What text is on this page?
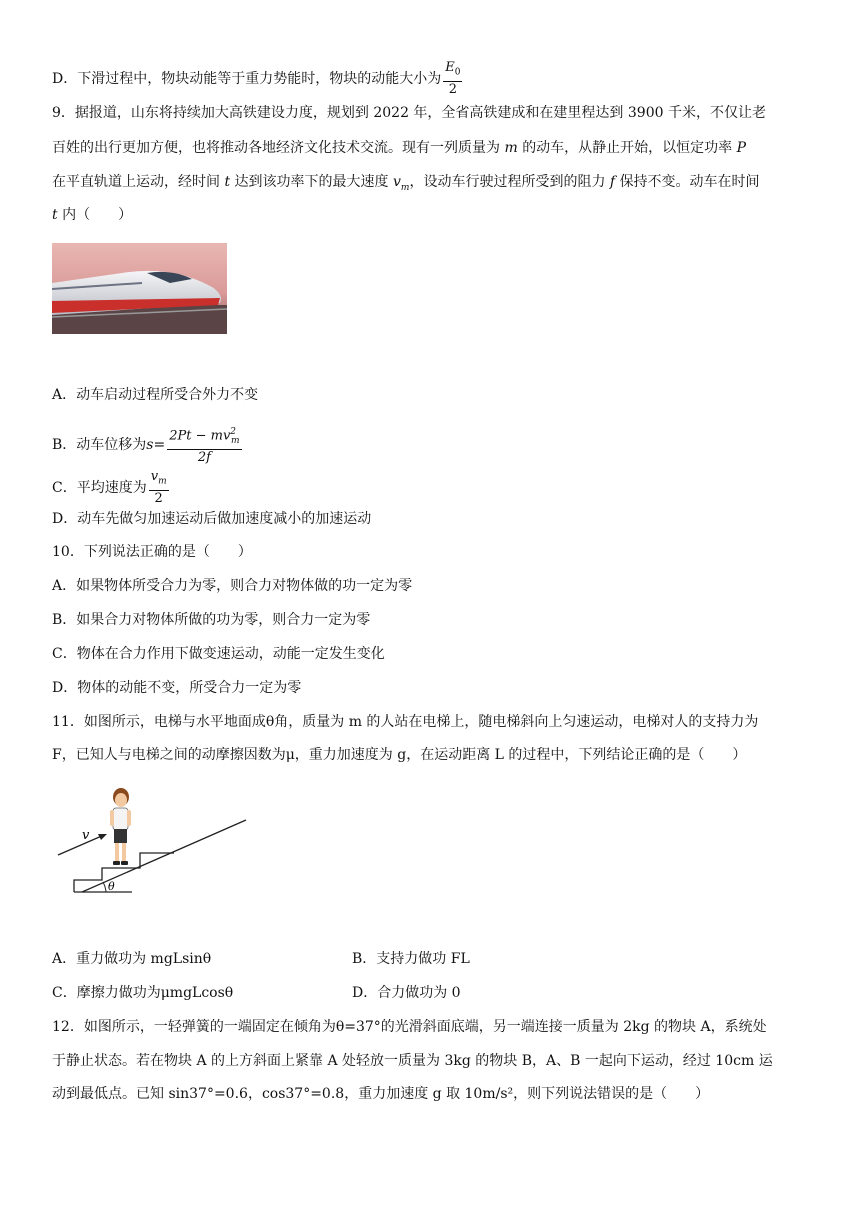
D．下滑过程中，物块动能等于重力势能时，物块的动能大小为 $\frac{E_0}{2}$
9．据报道，山东将持续加大高铁建设力度，规划到 2022 年，全省高铁建成和在建里程达到 3900 千米，不仅让老
百姓的出行更加方便，也将推动各地经济文化技术交流。现有一列质量为 m 的动车，从静止开始，以恒定功率 P
在平直轨道上运动，经时间 t 达到该功率下的最大速度 $v_m$，设动车行驶过程所受到的阻力 f 保持不变。动车在时间
t 内（　　）
A．动车启动过程所受合外力不变
B．动车位移为$s= \frac{2Pt - mv^2_m}{2f}$
C．平均速度为 $\frac{v_m}{2}$
D．动车先做匀加速运动后做加速度减小的加速运动
10．下列说法正确的是（　　）
A．如果物体所受合力为零，则合力对物体做的功一定为零
B．如果合力对物体所做的功为零，则合力一定为零
C．物体在合力作用下做变速运动，动能一定发生变化
D．物体的动能不变，所受合力一定为零
11．如图所示，电梯与水平地面成θ角，质量为 m 的人站在电梯上，随电梯斜向上匀速运动，电梯对人的支持力为
F，已知人与电梯之间的动摩擦因数为μ，重力加速度为 g，在运动距离 L 的过程中，下列结论正确的是（　　）
θ
v
A．重力做功为 mgLsinθ	B．支持力做功 FL
C．摩擦力做功为μmgLcosθ	D．合力做功为 0
12．如图所示，一轻弹簧的一端固定在倾角为θ=37°的光滑斜面底端，另一端连接一质量为 2kg 的物块 A，系统处
于静止状态。若在物块 A 的上方斜面上紧靠 A 处轻放一质量为 3kg 的物块 B，A、B 一起向下运动，经过 10cm 运
动到最低点。已知 sin37°=0.6，cos37°=0.8，重力加速度 g 取 10m/s²，则下列说法错误的是（　　）
